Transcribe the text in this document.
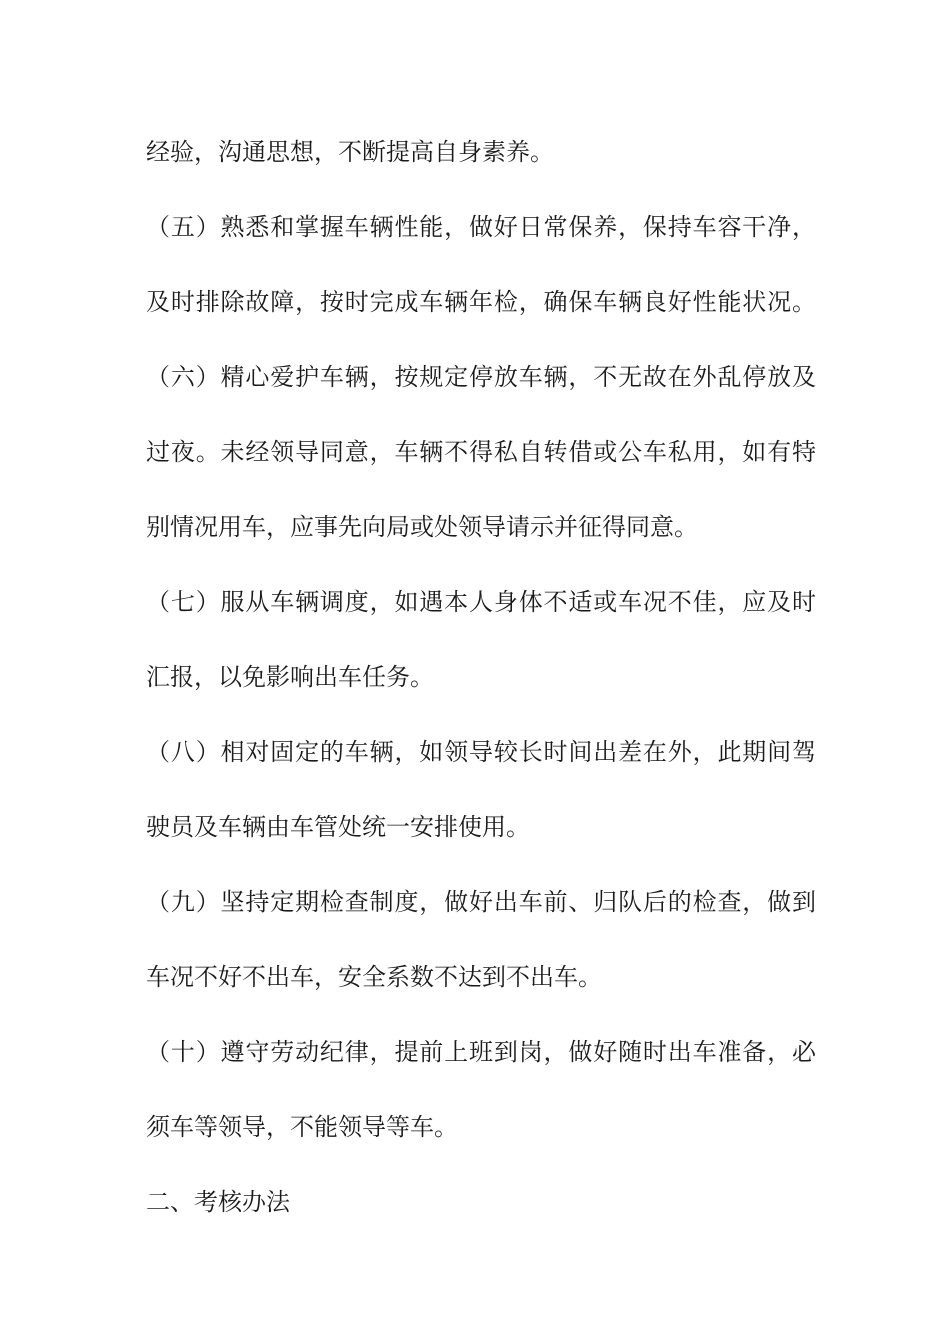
经验，沟通思想，不断提高自身素养。
（五）熟悉和掌握车辆性能，做好日常保养，保持车容干净，
及时排除故障，按时完成车辆年检，确保车辆良好性能状况。
（六）精心爱护车辆，按规定停放车辆，不无故在外乱停放及
过夜。未经领导同意，车辆不得私自转借或公车私用，如有特
别情况用车，应事先向局或处领导请示并征得同意。
（七）服从车辆调度，如遇本人身体不适或车况不佳，应及时
汇报，以免影响出车任务。
（八）相对固定的车辆，如领导较长时间出差在外，此期间驾
驶员及车辆由车管处统一安排使用。
（九）坚持定期检查制度，做好出车前、归队后的检查，做到
车况不好不出车，安全系数不达到不出车。
（十）遵守劳动纪律，提前上班到岗，做好随时出车准备，必
须车等领导，不能领导等车。
二、考核办法
